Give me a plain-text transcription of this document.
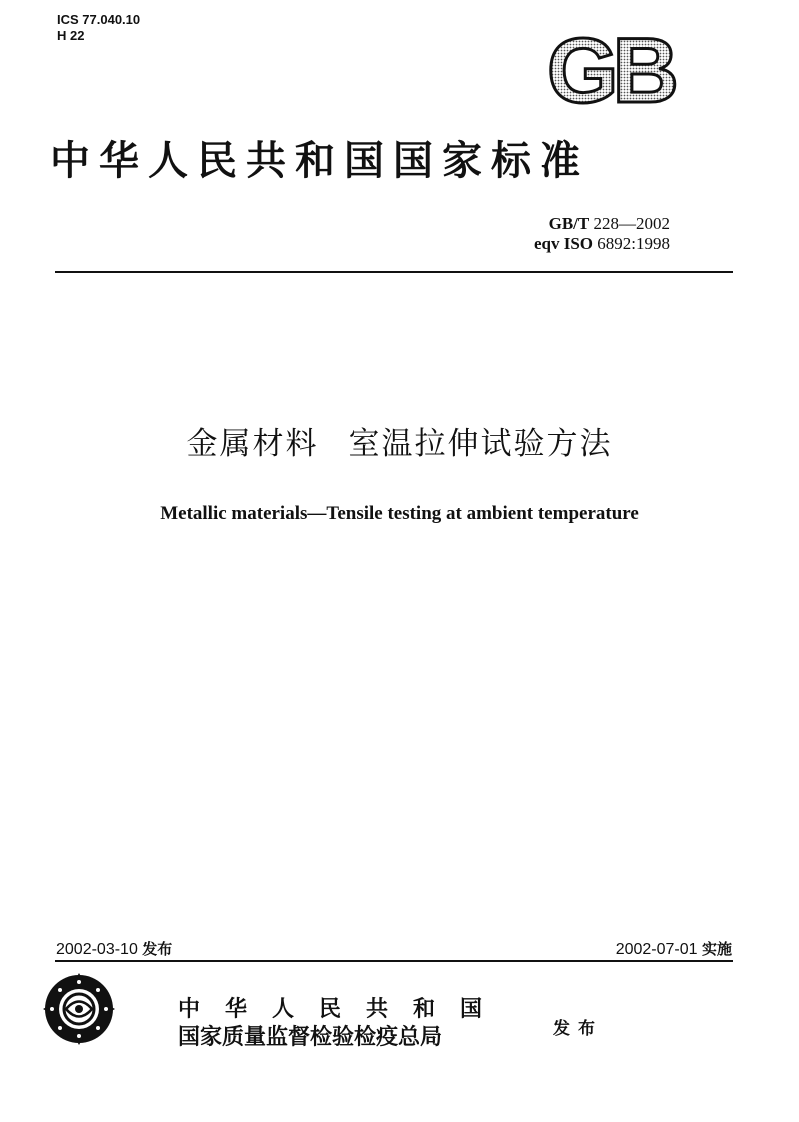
ICS 77.040.10
H 22	GB
中华人民共和国国家标准
GB/T 228—2002
eqv ISO 6892:1998
金属材料 室温拉伸试验方法
Metallic materials—Tensile testing at ambient temperature
2002-03-10 发布	2002-07-01 实施
中华人民共和国
国家质量监督检验检疫总局	发布
